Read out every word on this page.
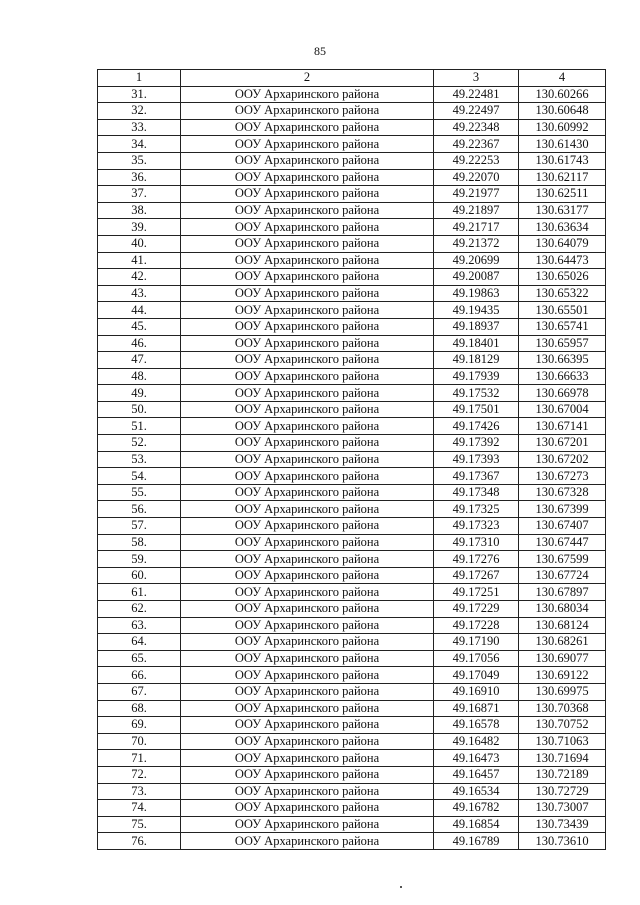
85
1	2	3	4
31.	ООУ Архаринского района	49.22481	130.60266
32.	ООУ Архаринского района	49.22497	130.60648
33.	ООУ Архаринского района	49.22348	130.60992
34.	ООУ Архаринского района	49.22367	130.61430
35.	ООУ Архаринского района	49.22253	130.61743
36.	ООУ Архаринского района	49.22070	130.62117
37.	ООУ Архаринского района	49.21977	130.62511
38.	ООУ Архаринского района	49.21897	130.63177
39.	ООУ Архаринского района	49.21717	130.63634
40.	ООУ Архаринского района	49.21372	130.64079
41.	ООУ Архаринского района	49.20699	130.64473
42.	ООУ Архаринского района	49.20087	130.65026
43.	ООУ Архаринского района	49.19863	130.65322
44.	ООУ Архаринского района	49.19435	130.65501
45.	ООУ Архаринского района	49.18937	130.65741
46.	ООУ Архаринского района	49.18401	130.65957
47.	ООУ Архаринского района	49.18129	130.66395
48.	ООУ Архаринского района	49.17939	130.66633
49.	ООУ Архаринского района	49.17532	130.66978
50.	ООУ Архаринского района	49.17501	130.67004
51.	ООУ Архаринского района	49.17426	130.67141
52.	ООУ Архаринского района	49.17392	130.67201
53.	ООУ Архаринского района	49.17393	130.67202
54.	ООУ Архаринского района	49.17367	130.67273
55.	ООУ Архаринского района	49.17348	130.67328
56.	ООУ Архаринского района	49.17325	130.67399
57.	ООУ Архаринского района	49.17323	130.67407
58.	ООУ Архаринского района	49.17310	130.67447
59.	ООУ Архаринского района	49.17276	130.67599
60.	ООУ Архаринского района	49.17267	130.67724
61.	ООУ Архаринского района	49.17251	130.67897
62.	ООУ Архаринского района	49.17229	130.68034
63.	ООУ Архаринского района	49.17228	130.68124
64.	ООУ Архаринского района	49.17190	130.68261
65.	ООУ Архаринского района	49.17056	130.69077
66.	ООУ Архаринского района	49.17049	130.69122
67.	ООУ Архаринского района	49.16910	130.69975
68.	ООУ Архаринского района	49.16871	130.70368
69.	ООУ Архаринского района	49.16578	130.70752
70.	ООУ Архаринского района	49.16482	130.71063
71.	ООУ Архаринского района	49.16473	130.71694
72.	ООУ Архаринского района	49.16457	130.72189
73.	ООУ Архаринского района	49.16534	130.72729
74.	ООУ Архаринского района	49.16782	130.73007
75.	ООУ Архаринского района	49.16854	130.73439
76.	ООУ Архаринского района	49.16789	130.73610
